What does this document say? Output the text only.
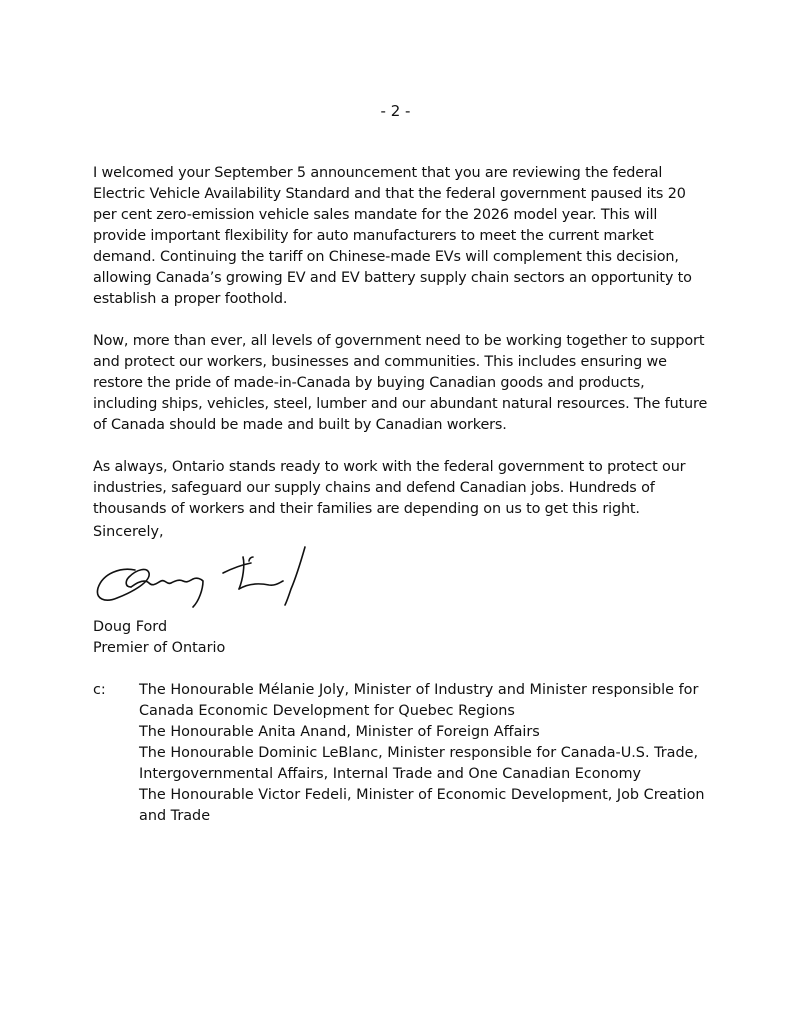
- 2 -

I welcomed your September 5 announcement that you are reviewing the federal Electric Vehicle Availability Standard and that the federal government paused its 20 per cent zero-emission vehicle sales mandate for the 2026 model year. This will provide important flexibility for auto manufacturers to meet the current market demand. Continuing the tariff on Chinese-made EVs will complement this decision, allowing Canada’s growing EV and EV battery supply chain sectors an opportunity to establish a proper foothold.

Now, more than ever, all levels of government need to be working together to support and protect our workers, businesses and communities. This includes ensuring we restore the pride of made-in-Canada by buying Canadian goods and products, including ships, vehicles, steel, lumber and our abundant natural resources. The future of Canada should be made and built by Canadian workers.

As always, Ontario stands ready to work with the federal government to protect our industries, safeguard our supply chains and defend Canadian jobs. Hundreds of thousands of workers and their families are depending on us to get this right.

Sincerely,
Doug Ford
Premier of Ontario
c: The Honourable Mélanie Joly, Minister of Industry and Minister responsible for
Canada Economic Development for Quebec Regions
The Honourable Anita Anand, Minister of Foreign Affairs
The Honourable Dominic LeBlanc, Minister responsible for Canada-U.S. Trade,
Intergovernmental Affairs, Internal Trade and One Canadian Economy
The Honourable Victor Fedeli, Minister of Economic Development, Job Creation
and Trade
